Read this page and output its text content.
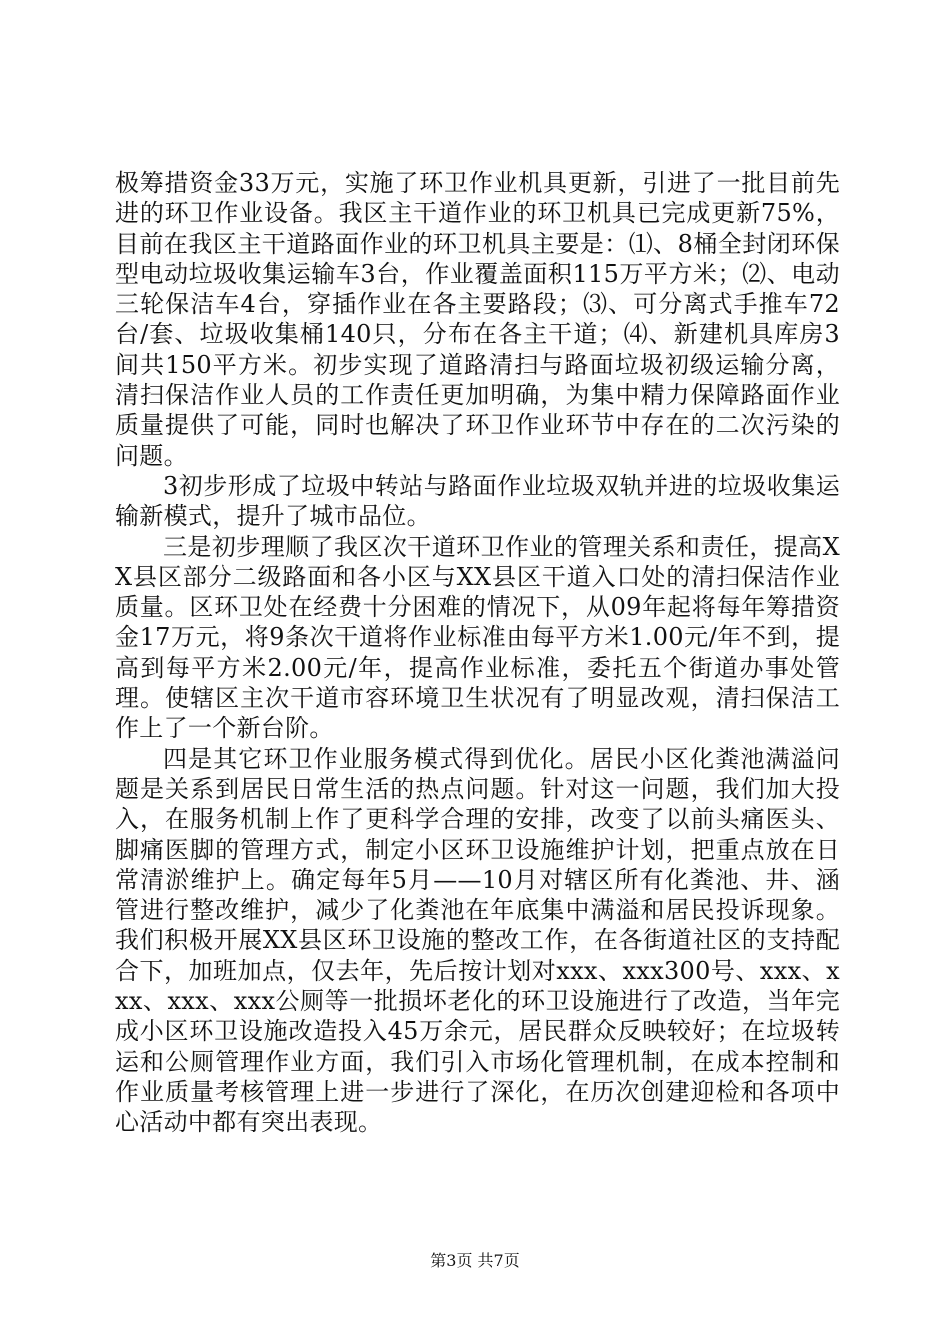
极筹措资金33万元，实施了环卫作业机具更新，引进了一批目前先进的环卫作业设备。我区主干道作业的环卫机具已完成更新75%，目前在我区主干道路面作业的环卫机具主要是：⑴、8桶全封闭环保型电动垃圾收集运输车3台，作业覆盖面积115万平方米；⑵、电动三轮保洁车4台，穿插作业在各主要路段；⑶、可分离式手推车72台/套、垃圾收集桶140只，分布在各主干道；⑷、新建机具库房3间共150平方米。初步实现了道路清扫与路面垃圾初级运输分离，清扫保洁作业人员的工作责任更加明确，为集中精力保障路面作业质量提供了可能，同时也解决了环卫作业环节中存在的二次污染的问题。

3初步形成了垃圾中转站与路面作业垃圾双轨并进的垃圾收集运输新模式，提升了城市品位。

三是初步理顺了我区次干道环卫作业的管理关系和责任，提高XX县区部分二级路面和各小区与XX县区干道入口处的清扫保洁作业质量。区环卫处在经费十分困难的情况下，从09年起将每年筹措资金17万元，将9条次干道将作业标准由每平方米1.00元/年不到，提高到每平方米2.00元/年，提高作业标准，委托五个街道办事处管理。使辖区主次干道市容环境卫生状况有了明显改观，清扫保洁工作上了一个新台阶。

四是其它环卫作业服务模式得到优化。居民小区化粪池满溢问题是关系到居民日常生活的热点问题。针对这一问题，我们加大投入，在服务机制上作了更科学合理的安排，改变了以前头痛医头、脚痛医脚的管理方式，制定小区环卫设施维护计划，把重点放在日常清淤维护上。确定每年5月——10月对辖区所有化粪池、井、涵管进行整改维护，减少了化粪池在年底集中满溢和居民投诉现象。我们积极开展XX县区环卫设施的整改工作，在各街道社区的支持配合下，加班加点，仅去年，先后按计划对xxx、xxx300号、xxx、xxx、xxx、xxx公厕等一批损坏老化的环卫设施进行了改造，当年完成小区环卫设施改造投入45万余元，居民群众反映较好；在垃圾转运和公厕管理作业方面，我们引入市场化管理机制，在成本控制和作业质量考核管理上进一步进行了深化，在历次创建迎检和各项中心活动中都有突出表现。

第3页 共7页
